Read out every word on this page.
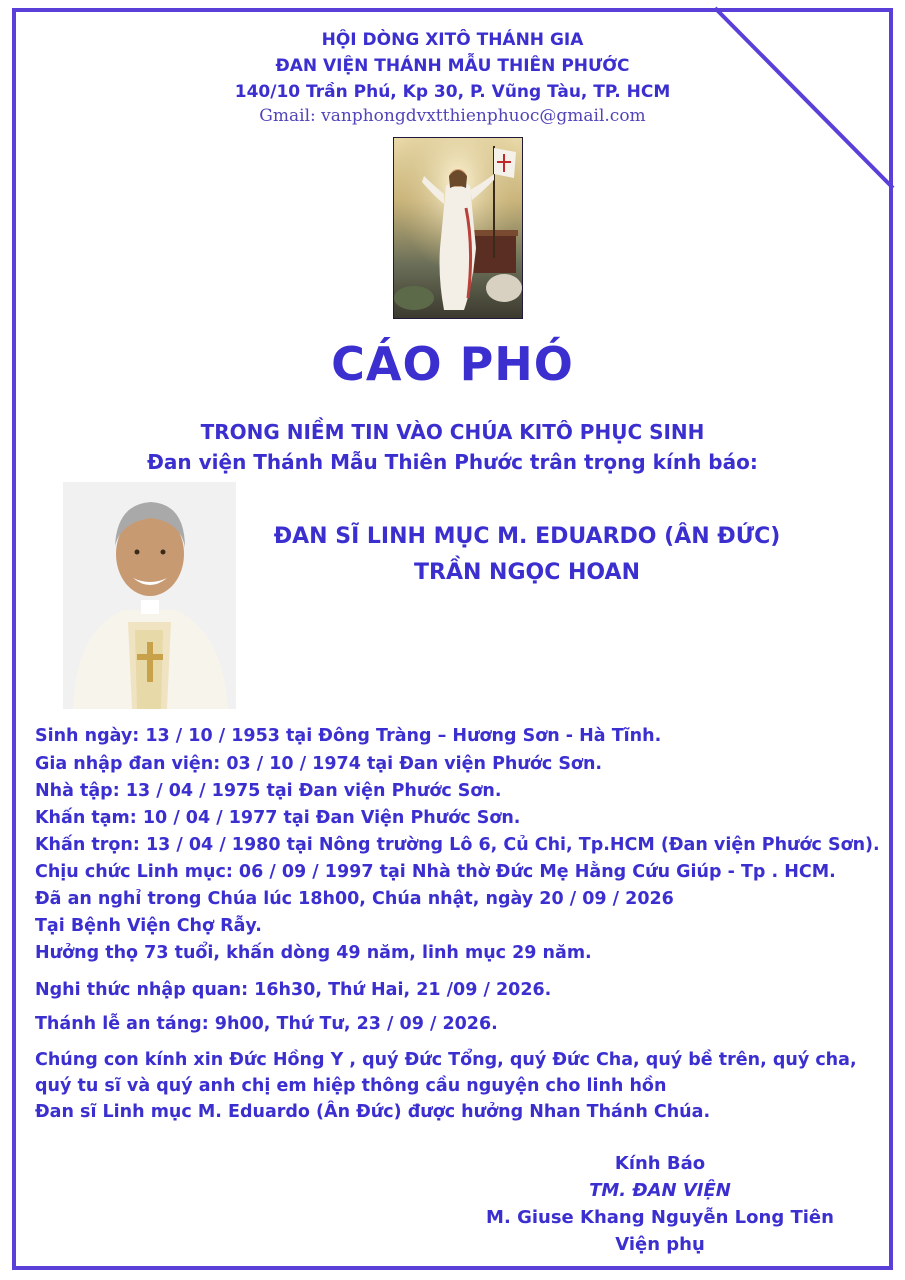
HỘI DÒNG XITÔ THÁNH GIA
ĐAN VIỆN THÁNH MẪU THIÊN PHƯỚC
140/10 Trần Phú, Kp 30, P. Vũng Tàu, TP. HCM
Gmail: vanphongdvxtthienphuoc@gmail.com
CÁO PHÓ
TRONG NIỀM TIN VÀO CHÚA KITÔ PHỤC SINH
Đan viện Thánh Mẫu Thiên Phước trân trọng kính báo:
ĐAN SĨ LINH MỤC M. EDUARDO (ÂN ĐỨC)
TRẦN NGỌC HOAN
Sinh ngày: 13 / 10 / 1953 tại Đông Tràng – Hương Sơn - Hà Tĩnh.
Gia nhập đan viện: 03 / 10 / 1974 tại Đan viện Phước Sơn.
Nhà tập: 13 / 04 / 1975 tại Đan viện Phước Sơn.
Khấn tạm: 10 / 04 / 1977 tại Đan Viện Phước Sơn.
Khấn trọn: 13 / 04 / 1980 tại Nông trường Lô 6, Củ Chi, Tp.HCM (Đan viện Phước Sơn).
Chịu chức Linh mục: 06 / 09 / 1997 tại Nhà thờ Đức Mẹ Hằng Cứu Giúp - Tp . HCM.
Đã an nghỉ trong Chúa lúc 18h00, Chúa nhật, ngày 20 / 09 / 2026
Tại Bệnh Viện Chợ Rẫy.
Hưởng thọ 73 tuổi, khấn dòng 49 năm, linh mục 29 năm.
Nghi thức nhập quan: 16h30, Thứ Hai, 21 /09 / 2026.
Thánh lễ an táng: 9h00, Thứ Tư, 23 / 09 / 2026.
Chúng con kính xin Đức Hồng Y , quý Đức Tổng, quý Đức Cha, quý bề trên, quý cha,
quý tu sĩ và quý anh chị em hiệp thông cầu nguyện cho linh hồn
Đan sĩ Linh mục M. Eduardo (Ân Đức) được hưởng Nhan Thánh Chúa.
Kính Báo
TM. ĐAN VIỆN
M. Giuse Khang Nguyễn Long Tiên
Viện phụ
